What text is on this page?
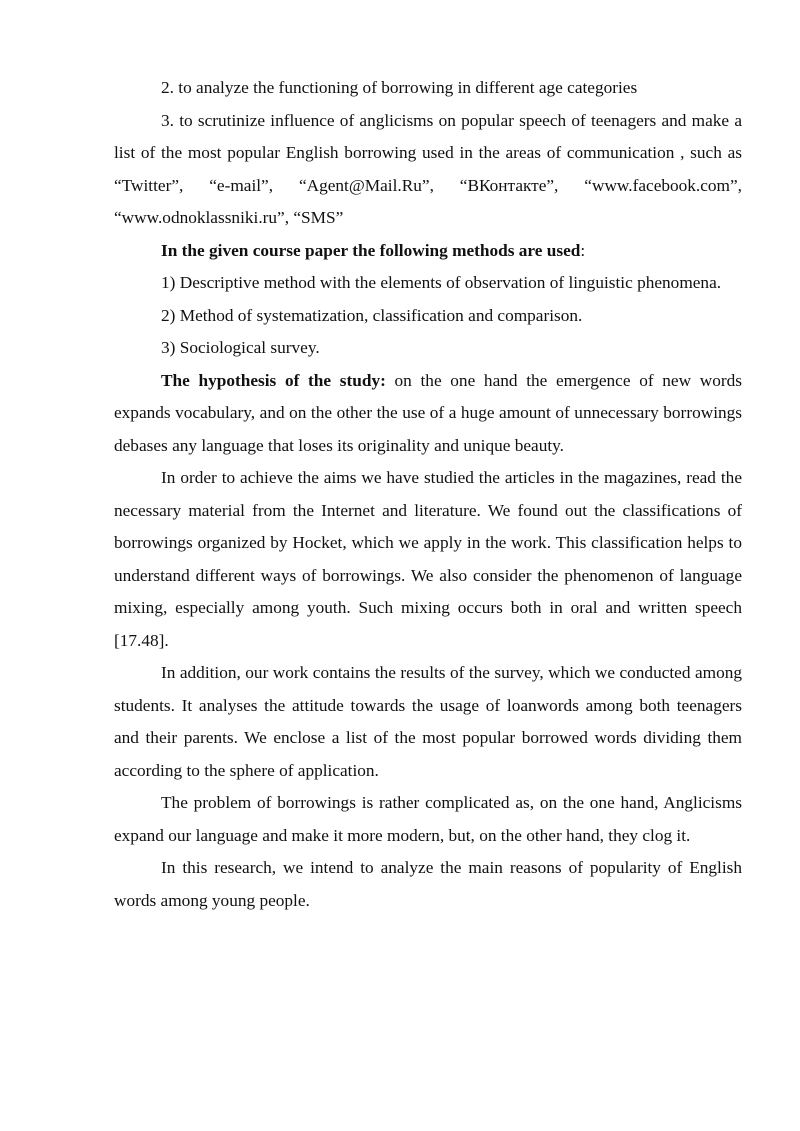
2. to analyze the functioning of borrowing in different age categories

3. to scrutinize influence of anglicisms on popular speech of teenagers and make a list of the most popular English borrowing used in the areas of communication , such as “Twitter”, “e-mail”, “Agent@Mail.Ru”, “ВКонтакте”, “www.facebook.com”, “www.odnoklassniki.ru”, “SMS”

In the given course paper the following methods are used:

1) Descriptive method with the elements of observation of linguistic phenomena.

2) Method of systematization, classification and comparison.

3) Sociological survey.

The hypothesis of the study: on the one hand the emergence of new words expands vocabulary, and on the other the use of a huge amount of unnecessary borrowings debases any language that loses its originality and unique beauty.

In order to achieve the aims we have studied the articles in the magazines, read the necessary material from the Internet and literature. We found out the classifications of borrowings organized by Hocket, which we apply in the work. This classification helps to understand different ways of borrowings. We also consider the phenomenon of language mixing, especially among youth. Such mixing occurs both in oral and written speech [17.48].

In addition, our work contains the results of the survey, which we conducted among students. It analyses the attitude towards the usage of loanwords among both teenagers and their parents. We enclose a list of the most popular borrowed words dividing them according to the sphere of application.

The problem of borrowings is rather complicated as, on the one hand, Anglicisms expand our language and make it more modern, but, on the other hand, they clog it.

In this research, we intend to analyze the main reasons of popularity of English words among young people.
